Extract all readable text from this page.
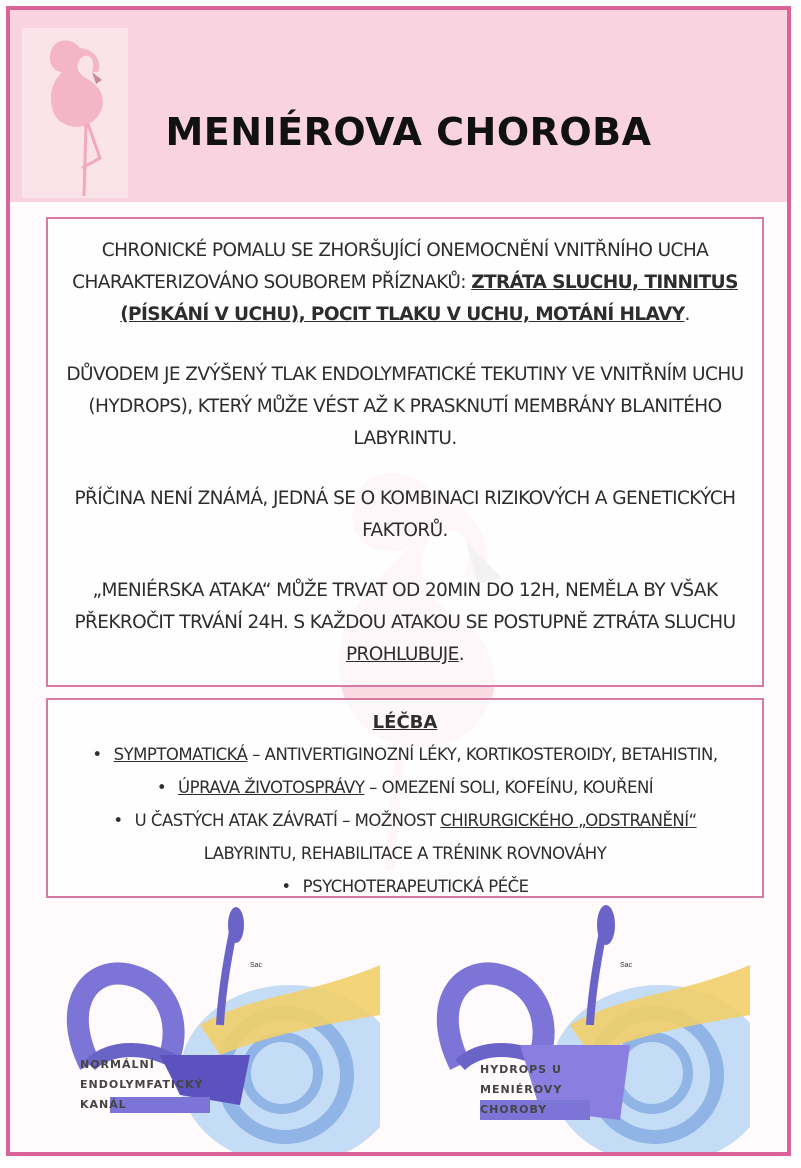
MENIÉROVA CHOROBA

CHRONICKÉ POMALU SE ZHORŠUJÍCÍ ONEMOCNĚNÍ VNITŘNÍHO UCHA CHARAKTERIZOVÁNO SOUBOREM PŘÍZNAKŮ: ZTRÁTA SLUCHU, TINNITUS (PÍSKÁNÍ V UCHU), POCIT TLAKU V UCHU, MOTÁNÍ HLAVY.

DŮVODEM JE ZVÝŠENÝ TLAK ENDOLYMFATICKÉ TEKUTINY VE VNITŘNÍM UCHU (HYDROPS), KTERÝ MŮŽE VÉST AŽ K PRASKNUTÍ MEMBRÁNY BLANITÉHO LABYRINTU.

PŘÍČINA NENÍ ZNÁMÁ, JEDNÁ SE O KOMBINACI RIZIKOVÝCH A GENETICKÝCH FAKTORŮ.

„MENIÉRSKA ATAKA“ MŮŽE TRVAT OD 20MIN DO 12H, NEMĚLA BY VŠAK PŘEKROČIT TRVÁNÍ 24H. S KAŽDOU ATAKOU SE POSTUPNĚ ZTRÁTA SLUCHU PROHLUBUJE.

LÉČBA
• SYMPTOMATICKÁ – ANTIVERTIGINOZNÍ LÉKY, KORTIKOSTEROIDY, BETAHISTIN,
• ÚPRAVA ŽIVOTOSPRÁVY – OMEZENÍ SOLI, KOFEÍNU, KOUŘENÍ
• U ČASTÝCH ATAK ZÁVRATÍ – MOŽNOST CHIRURGICKÉHO „ODSTRANĚNÍ“
LABYRINTU, REHABILITACE A TRÉNINK ROVNOVÁHY
• PSYCHOTERAPEUTICKÁ PÉČE
Sac
NORMÁLNÍ
ENDOLYMFATICKÝ
KANÁL
Sac
HYDROPS U
MENIÉROVY
CHOROBY
